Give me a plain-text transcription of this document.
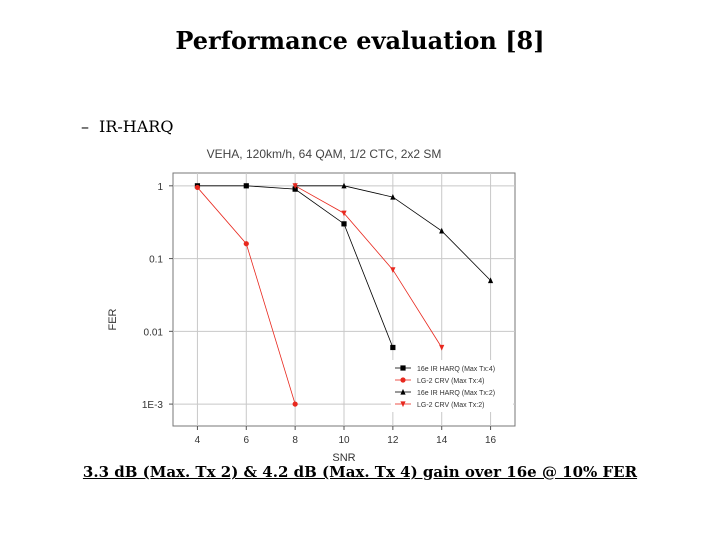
Performance evaluation [8]
– IR-HARQ
VEHA, 120km/h, 64 QAM, 1/2 CTC, 2x2 SM
4	6	8	10	12	14	16
1
0.1
0.01
1E-3
SNR
FER
16e IR HARQ (Max Tx:4)
LG-2 CRV (Max Tx:4)
16e IR HARQ (Max Tx:2)
LG-2 CRV (Max Tx:2)
3.3 dB (Max. Tx 2) & 4.2 dB (Max. Tx 4) gain over 16e @ 10% FER
